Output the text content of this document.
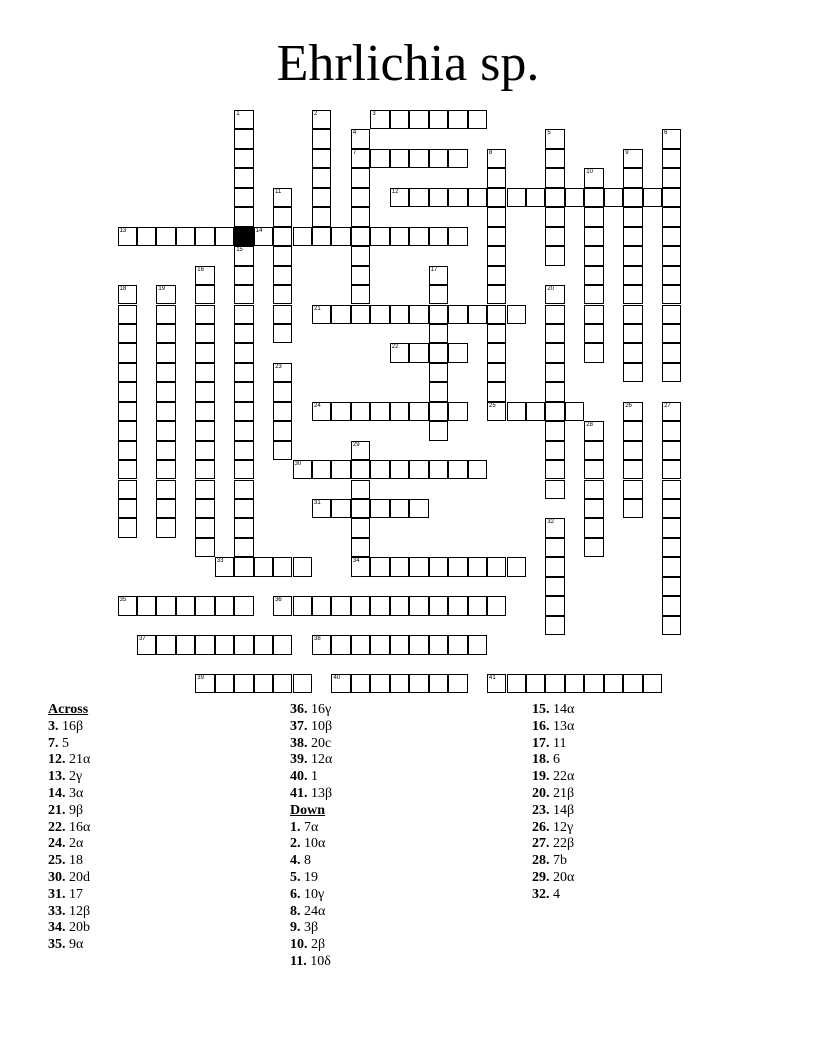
Ehrlichia sp.
1
15
2	3
4
7
5	6
8
25
9
10
11	12
13	14
16	17
18	19	20
21
22
23
24	26	27
28
29
34
30
31
32
33
35	36
37	38
39	40	41
Across
3. 16β
7. 5
12. 21α
13. 2γ
14. 3α
21. 9β
22. 16α
24. 2α
25. 18
30. 20d
31. 17
33. 12β
34. 20b
35. 9α
36. 16γ
37. 10β
38. 20c
39. 12α
40. 1
41. 13β
Down
1. 7α
2. 10α
4. 8
5. 19
6. 10γ
8. 24α
9. 3β
10. 2β
11. 10δ
15. 14α
16. 13α
17. 11
18. 6
19. 22α
20. 21β
23. 14β
26. 12γ
27. 22β
28. 7b
29. 20α
32. 4
